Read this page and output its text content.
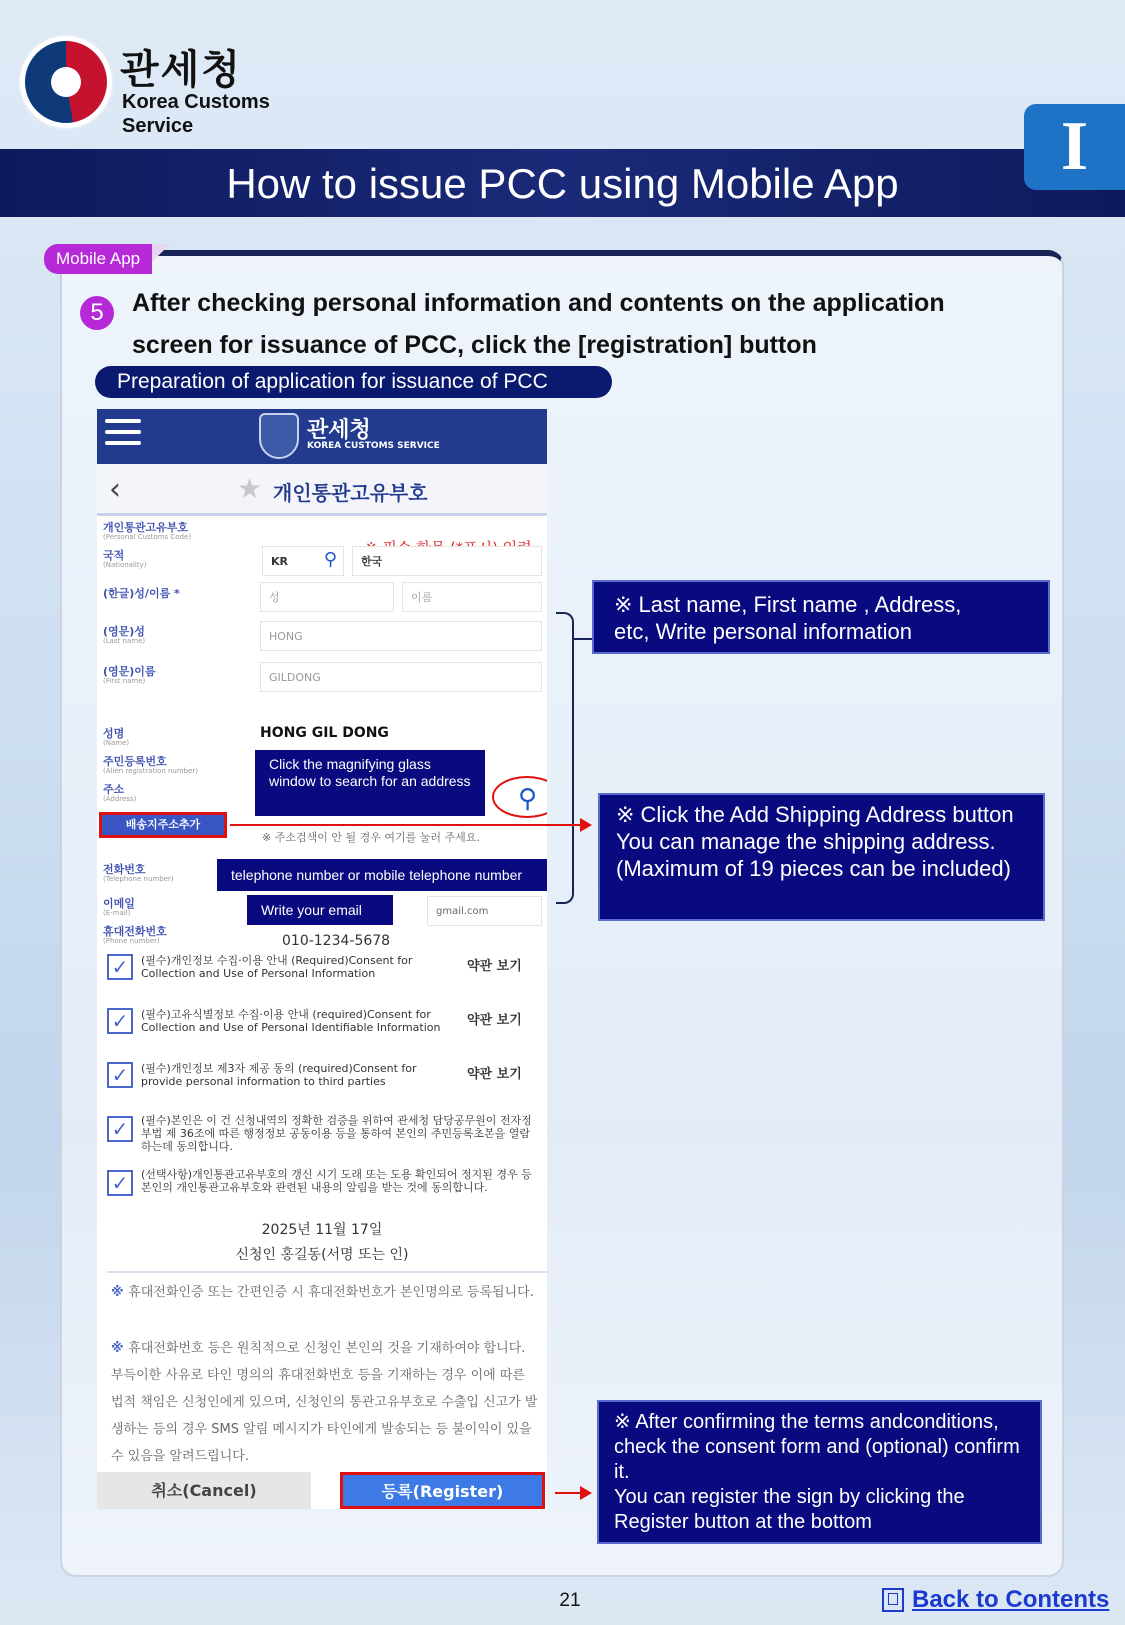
관세청
Korea Customs Service
How to issue PCC using Mobile App	I
Mobile App
5	After checking personal information and contents on the application screen for issuance of PCC, click the [registration] button
Preparation of application for issuance of PCC
관세청
KOREA CUSTOMS SERVICE
‹	★ 개인통관고유부호
개인통관고유부호
(Personal Customs Code)
국적
(Nationality)	KR ⚲	한국
(한글)성/이름 *	성	이름
(영문)성
(Last name)	HONG
(영문)이름
(First name)	GILDONG
성명
(Name)
HONG GIL DONG
주민등록번호
(Alien registration number)
주소
(Address)
Click the magnifying glass window to search for an address
⚲
배송지주소추가
※ 주소검색이 안 될 경우 여기를 눌러 주세요.
전화번호
(Telephone number)	telephone number or mobile telephone number
이메일
(E-mail)	Write your email	gmail.com
휴대전화번호
(Phone number)	010-1234-5678
✓	(필수)개인정보 수집·이용 안내 (Required)Consent for Collection and Use of Personal Information	약관 보기
✓	(필수)고유식별정보 수집·이용 안내 (required)Consent for Collection and Use of Personal Identifiable Information	약관 보기
✓	(필수)개인정보 제3자 제공 동의 (required)Consent for provide personal information to third parties	약관 보기
✓	(필수)본인은 이 건 신청내역의 정확한 검증을 위하여 관세청 담당공무원이 전자정부법 제 36조에 따른 행정정보 공동이용 등을 통하여 본인의 주민등록초본을 열람하는데 동의합니다.
✓	(선택사항)개인통관고유부호의 갱신 시기 도래 또는 도용 확인되어 정지된 경우 등 본인의 개인통관고유부호와 관련된 내용의 알림을 받는 것에 동의합니다.
2025년 11월 17일
신청인 홍길동(서명 또는 인)
※ 휴대전화인증 또는 간편인증 시 휴대전화번호가 본인명의로 등록됩니다.
※ 휴대전화번호 등은 원칙적으로 신청인 본인의 것을 기재하여야 합니다. 부득이한 사유로 타인 명의의 휴대전화번호 등을 기재하는 경우 이에 따른 법적 책임은 신청인에게 있으며, 신청인의 통관고유부호로 수출입 신고가 발생하는 등의 경우 SMS 알림 메시지가 타인에게 발송되는 등 불이익이 있을 수 있음을 알려드립니다.
취소(Cancel)	등록(Register)
※ Last name, First name , Address,
etc, Write personal information
※ Click the Add Shipping Address button You can manage the shipping address. (Maximum of 19 pieces can be included)
※ After confirming the terms andconditions, check the consent form and (optional) confirm it.
You can register the sign by clicking the Register button at the bottom
21	Back to Contents
